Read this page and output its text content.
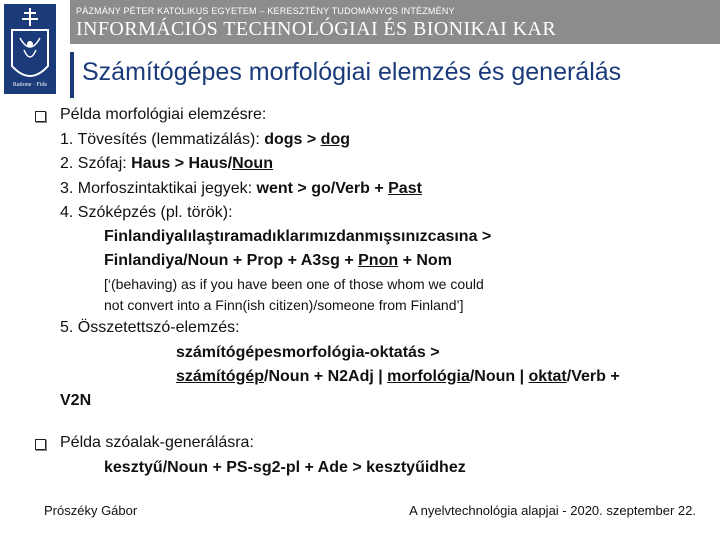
Ratione · Fide
PÁZMÁNY PÉTER KATOLIKUS EGYETEM – KERESZTÉNY TUDOMÁNYOS INTÉZMÉNY
INFORMÁCIÓS TECHNOLÓGIAI ÉS BIONIKAI KAR
Számítógépes morfológiai elemzés és generálás
Példa morfológiai elemzésre:
1. Tövesítés (lemmatizálás): dogs > dog
2. Szófaj: Haus > Haus/Noun
3. Morfoszintaktikai jegyek: went > go/Verb + Past
4. Szóképzés (pl. török):
Finlandiyalılaştıramadıklarımızdanmışsınızcasına >
Finlandiya/Noun + Prop + A3sg + Pnon + Nom
[‘(behaving) as if you have been one of those whom we could
not convert into a Finn(ish citizen)/someone from Finland’]
5. Összetettszó-elemzés:
számítógépesmorfológia-oktatás >
számítógép/Noun + N2Adj | morfológia/Noun | oktat/Verb +
V2N
Példa szóalak-generálásra:
kesztyű/Noun + PS-sg2-pl + Ade > kesztyűidhez
Prószéky Gábor	A nyelvtechnológia alapjai - 2020. szeptember 22.
